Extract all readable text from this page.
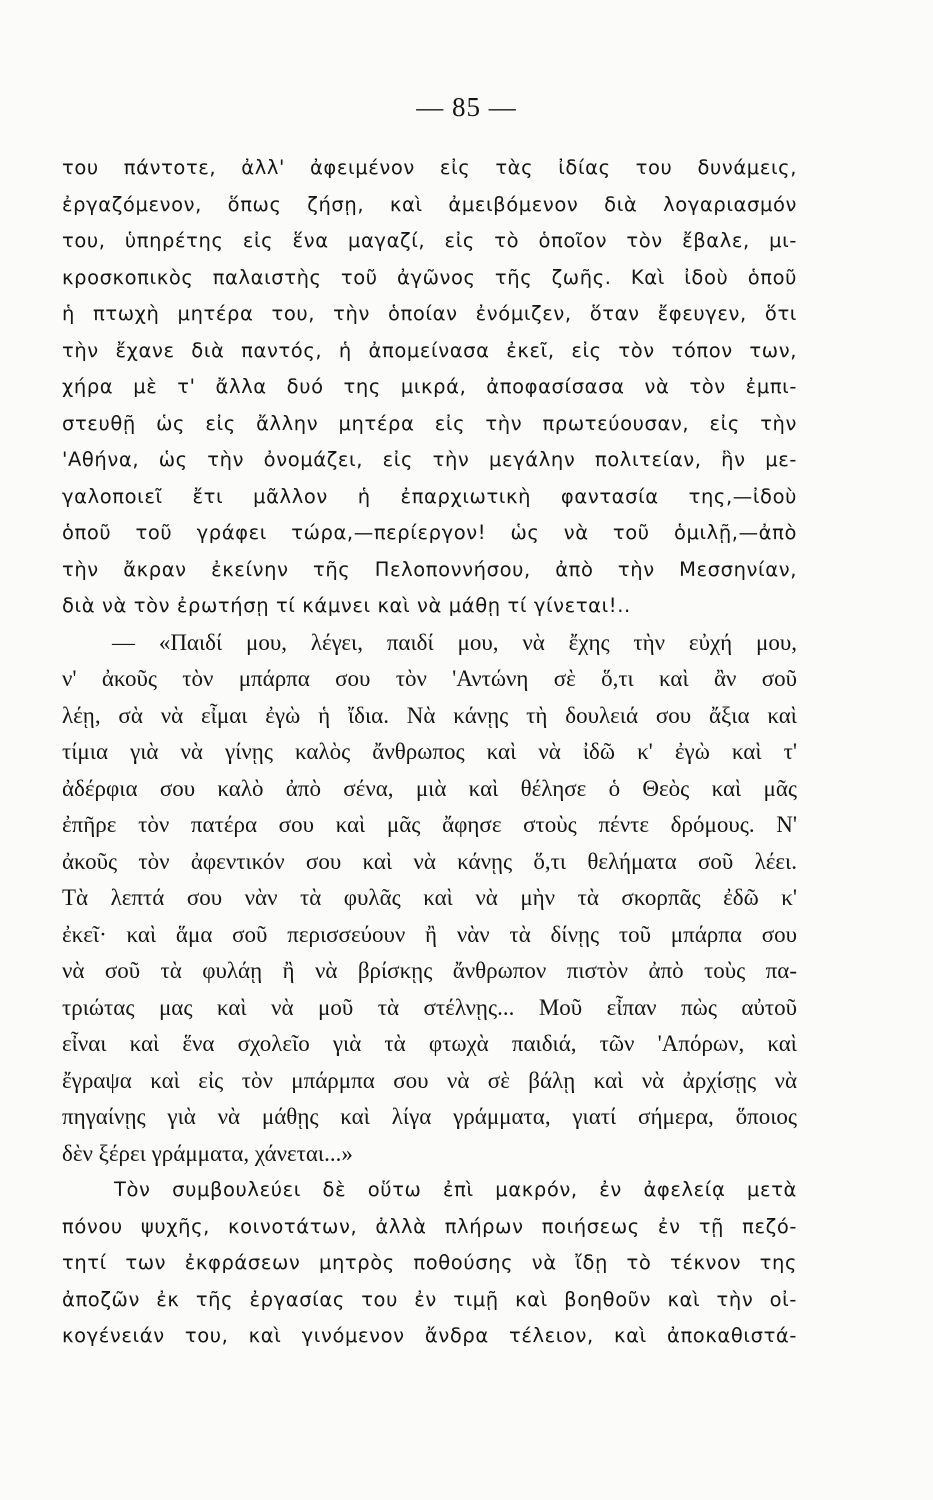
— 85 —
του πάντοτε, ἀλλ' ἀφειμένον εἰς τὰς ἰδίας του δυνάμεις,
ἐργαζόμενον, ὅπως ζήσῃ, καὶ ἀμειβόμενον διὰ λογαριασμόν
του, ὑπηρέτης εἰς ἕνα μαγαζί, εἰς τὸ ὁποῖον τὸν ἔβαλε, μι-
κροσκοπικὸς παλαιστὴς τοῦ ἀγῶνος τῆς ζωῆς. Καὶ ἰδοὺ ὁποῦ
ἡ πτωχὴ μητέρα του, τὴν ὁποίαν ἐνόμιζεν, ὅταν ἔφευγεν, ὅτι
τὴν ἔχανε διὰ παντός, ἡ ἀπομείνασα ἐκεῖ, εἰς τὸν τόπον των,
χήρα μὲ τ' ἄλλα δυό της μικρά, ἀποφασίσασα νὰ τὸν ἐμπι-
στευθῇ ὡς εἰς ἄλλην μητέρα εἰς τὴν πρωτεύουσαν, εἰς τὴν
'Αθήνα, ὡς τὴν ὀνομάζει, εἰς τὴν μεγάλην πολιτείαν, ἣν με-
γαλοποιεῖ ἔτι μᾶλλον ἡ ἐπαρχιωτικὴ φαντασία της,—ἰδοὺ
ὁποῦ τοῦ γράφει τώρα,—περίεργον! ὡς νὰ τοῦ ὁμιλῇ,—ἀπὸ
τὴν ἄκραν ἐκείνην τῆς Πελοποννήσου, ἀπὸ τὴν Μεσσηνίαν,
διὰ νὰ τὸν ἐρωτήσῃ τί κάμνει καὶ νὰ μάθῃ τί γίνεται!..
— «Παιδί μου, λέγει, παιδί μου, νὰ ἔχης τὴν εὐχή μου,
ν' ἀκοῦς τὸν μπάρπα σου τὸν 'Αντώνη σὲ ὅ,τι καὶ ἂν σοῦ
λέῃ, σὰ νὰ εἶμαι ἐγὼ ἡ ἴδια. Νὰ κάνῃς τὴ δουλειά σου ἄξια καὶ
τίμια γιὰ νὰ γίνῃς καλὸς ἄνθρωπος καὶ νὰ ἰδῶ κ' ἐγὼ καὶ τ'
ἀδέρφια σου καλὸ ἀπὸ σένα, μιὰ καὶ θέλησε ὁ Θεὸς καὶ μᾶς
ἐπῆρε τὸν πατέρα σου καὶ μᾶς ἄφησε στοὺς πέντε δρόμους. Ν'
ἀκοῦς τὸν ἀφεντικόν σου καὶ νὰ κάνῃς ὅ,τι θελήματα σοῦ λέει.
Τὰ λεπτά σου νὰν τὰ φυλᾶς καὶ νὰ μὴν τὰ σκορπᾶς ἐδῶ κ'
ἐκεῖ· καὶ ἅμα σοῦ περισσεύουν ἢ νὰν τὰ δίνῃς τοῦ μπάρπα σου
νὰ σοῦ τὰ φυλάῃ ἢ νὰ βρίσκῃς ἄνθρωπον πιστὸν ἀπὸ τοὺς πα-
τριώτας μας καὶ νὰ μοῦ τὰ στέλνῃς... Μοῦ εἶπαν πὼς αὐτοῦ
εἶναι καὶ ἕνα σχολεῖο γιὰ τὰ φτωχὰ παιδιά, τῶν 'Απόρων, καὶ
ἔγραψα καὶ εἰς τὸν μπάρμπα σου νὰ σὲ βάλῃ καὶ νὰ ἀρχίσῃς νὰ
πηγαίνῃς γιὰ νὰ μάθῃς καὶ λίγα γράμματα, γιατί σήμερα, ὅποιος
δὲν ξέρει γράμματα, χάνεται...»
Τὸν συμβουλεύει δὲ οὕτω ἐπὶ μακρόν, ἐν ἀφελείᾳ μετὰ
πόνου ψυχῆς, κοινοτάτων, ἀλλὰ πλήρων ποιήσεως ἐν τῇ πεζό-
τητί των ἐκφράσεων μητρὸς ποθούσης νὰ ἴδῃ τὸ τέκνον της
ἀποζῶν ἐκ τῆς ἐργασίας του ἐν τιμῇ καὶ βοηθοῦν καὶ τὴν οἰ-
κογένειάν του, καὶ γινόμενον ἄνδρα τέλειον, καὶ ἀποκαθιστά-
